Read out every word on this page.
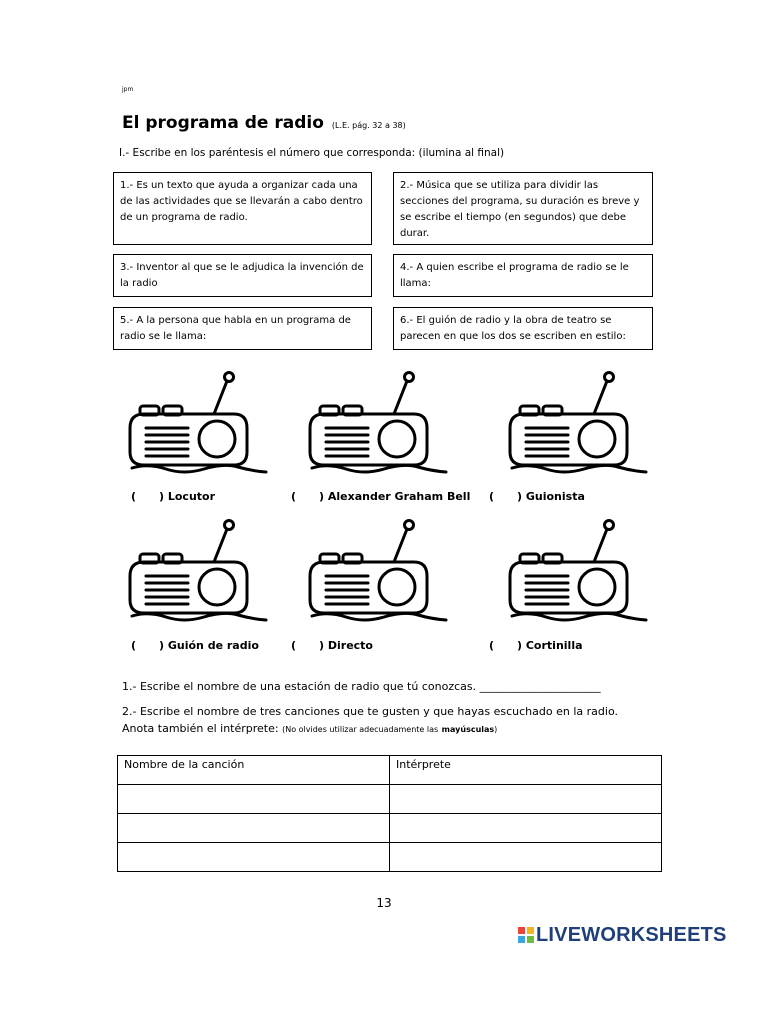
jpm
El programa de radio (L.E. pág. 32 a 38)
I.- Escribe en los paréntesis el número que corresponda: (ilumina al final)
1.- Es un texto que ayuda a organizar cada una de las actividades que se llevarán a cabo dentro de un programa de radio.
2.- Música que se utiliza para dividir las secciones del programa, su duración es breve y se escribe el tiempo (en segundos) que debe durar.
3.- Inventor al que se le adjudica la invención de la radio
4.- A quien escribe el programa de radio se le llama:
5.- A la persona que habla en un programa de radio se le llama:
6.- El guión de radio y la obra de teatro se parecen en que los dos se escriben en estilo:
(      ) Locutor	(      ) Alexander Graham Bell (      ) Guionista
(      ) Guión de radio	(      ) Directo	(      ) Cortinilla
1.- Escribe el nombre de una estación de radio que tú conozcas. ______________________
2.- Escribe el nombre de tres canciones que te gusten y que hayas escuchado en la radio.
Anota también el intérprete: (No olvides utilizar adecuadamente las mayúsculas)
Nombre de la canción	Intérprete

13
LIVEWORKSHEETS
